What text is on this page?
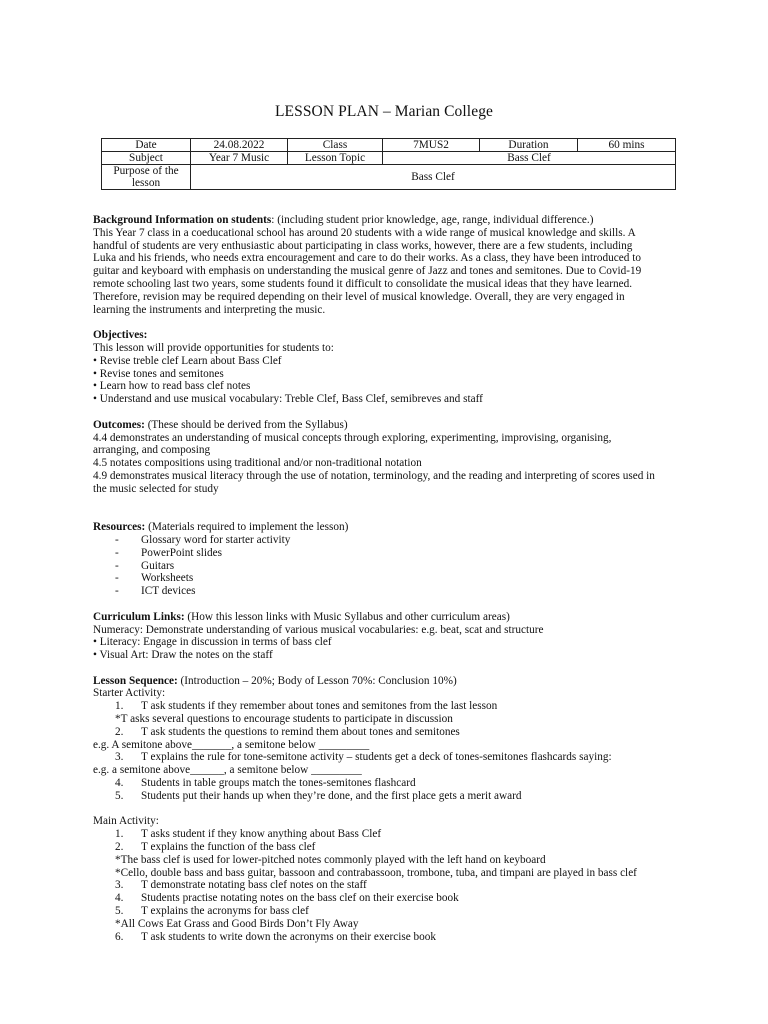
LESSON PLAN – Marian College
Date	24.08.2022	Class	7MUS2	Duration	60 mins
Subject	Year 7 Music	Lesson Topic	Bass Clef		
Purpose of the lesson	Bass Clef				

Background Information on students: (including student prior knowledge, age, range, individual difference.)

This Year 7 class in a coeducational school has around 20 students with a wide range of musical knowledge and skills. A

handful of students are very enthusiastic about participating in class works, however, there are a few students, including

Luka and his friends, who needs extra encouragement and care to do their works. As a class, they have been introduced to

guitar and keyboard with emphasis on understanding the musical genre of Jazz and tones and semitones. Due to Covid-19

remote schooling last two years, some students found it difficult to consolidate the musical ideas that they have learned.

Therefore, revision may be required depending on their level of musical knowledge. Overall, they are very engaged in

learning the instruments and interpreting the music.

Objectives:

This lesson will provide opportunities for students to:

• Revise treble clef Learn about Bass Clef

• Revise tones and semitones

• Learn how to read bass clef notes

• Understand and use musical vocabulary: Treble Clef, Bass Clef, semibreves and staff

Outcomes: (These should be derived from the Syllabus)

4.4 demonstrates an understanding of musical concepts through exploring, experimenting, improvising, organising,

arranging, and composing

4.5 notates compositions using traditional and/or non-traditional notation

4.9 demonstrates musical literacy through the use of notation, terminology, and the reading and interpreting of scores used in

the music selected for study

Resources: (Materials required to implement the lesson)

- Glossary word for starter activity

- PowerPoint slides

- Guitars

- Worksheets

- ICT devices

Curriculum Links: (How this lesson links with Music Syllabus and other curriculum areas)

Numeracy: Demonstrate understanding of various musical vocabularies: e.g. beat, scat and structure

• Literacy: Engage in discussion in terms of bass clef

• Visual Art: Draw the notes on the staff

Lesson Sequence: (Introduction – 20%; Body of Lesson 70%: Conclusion 10%)

Starter Activity:

1. T ask students if they remember about tones and semitones from the last lesson

*T asks several questions to encourage students to participate in discussion

2. T ask students the questions to remind them about tones and semitones

e.g. A semitone above_______, a semitone below _________

3. T explains the rule for tone-semitone activity – students get a deck of tones-semitones flashcards saying:

e.g. a semitone above______, a semitone below _________

4. Students in table groups match the tones-semitones flashcard

5. Students put their hands up when they’re done, and the first place gets a merit award

Main Activity:

1. T asks student if they know anything about Bass Clef

2. T explains the function of the bass clef

*The bass clef is used for lower-pitched notes commonly played with the left hand on keyboard

*Cello, double bass and bass guitar, bassoon and contrabassoon, trombone, tuba, and timpani are played in bass clef

3. T demonstrate notating bass clef notes on the staff

4. Students practise notating notes on the bass clef on their exercise book

5. T explains the acronyms for bass clef

*All Cows Eat Grass and Good Birds Don’t Fly Away

6. T ask students to write down the acronyms on their exercise book
